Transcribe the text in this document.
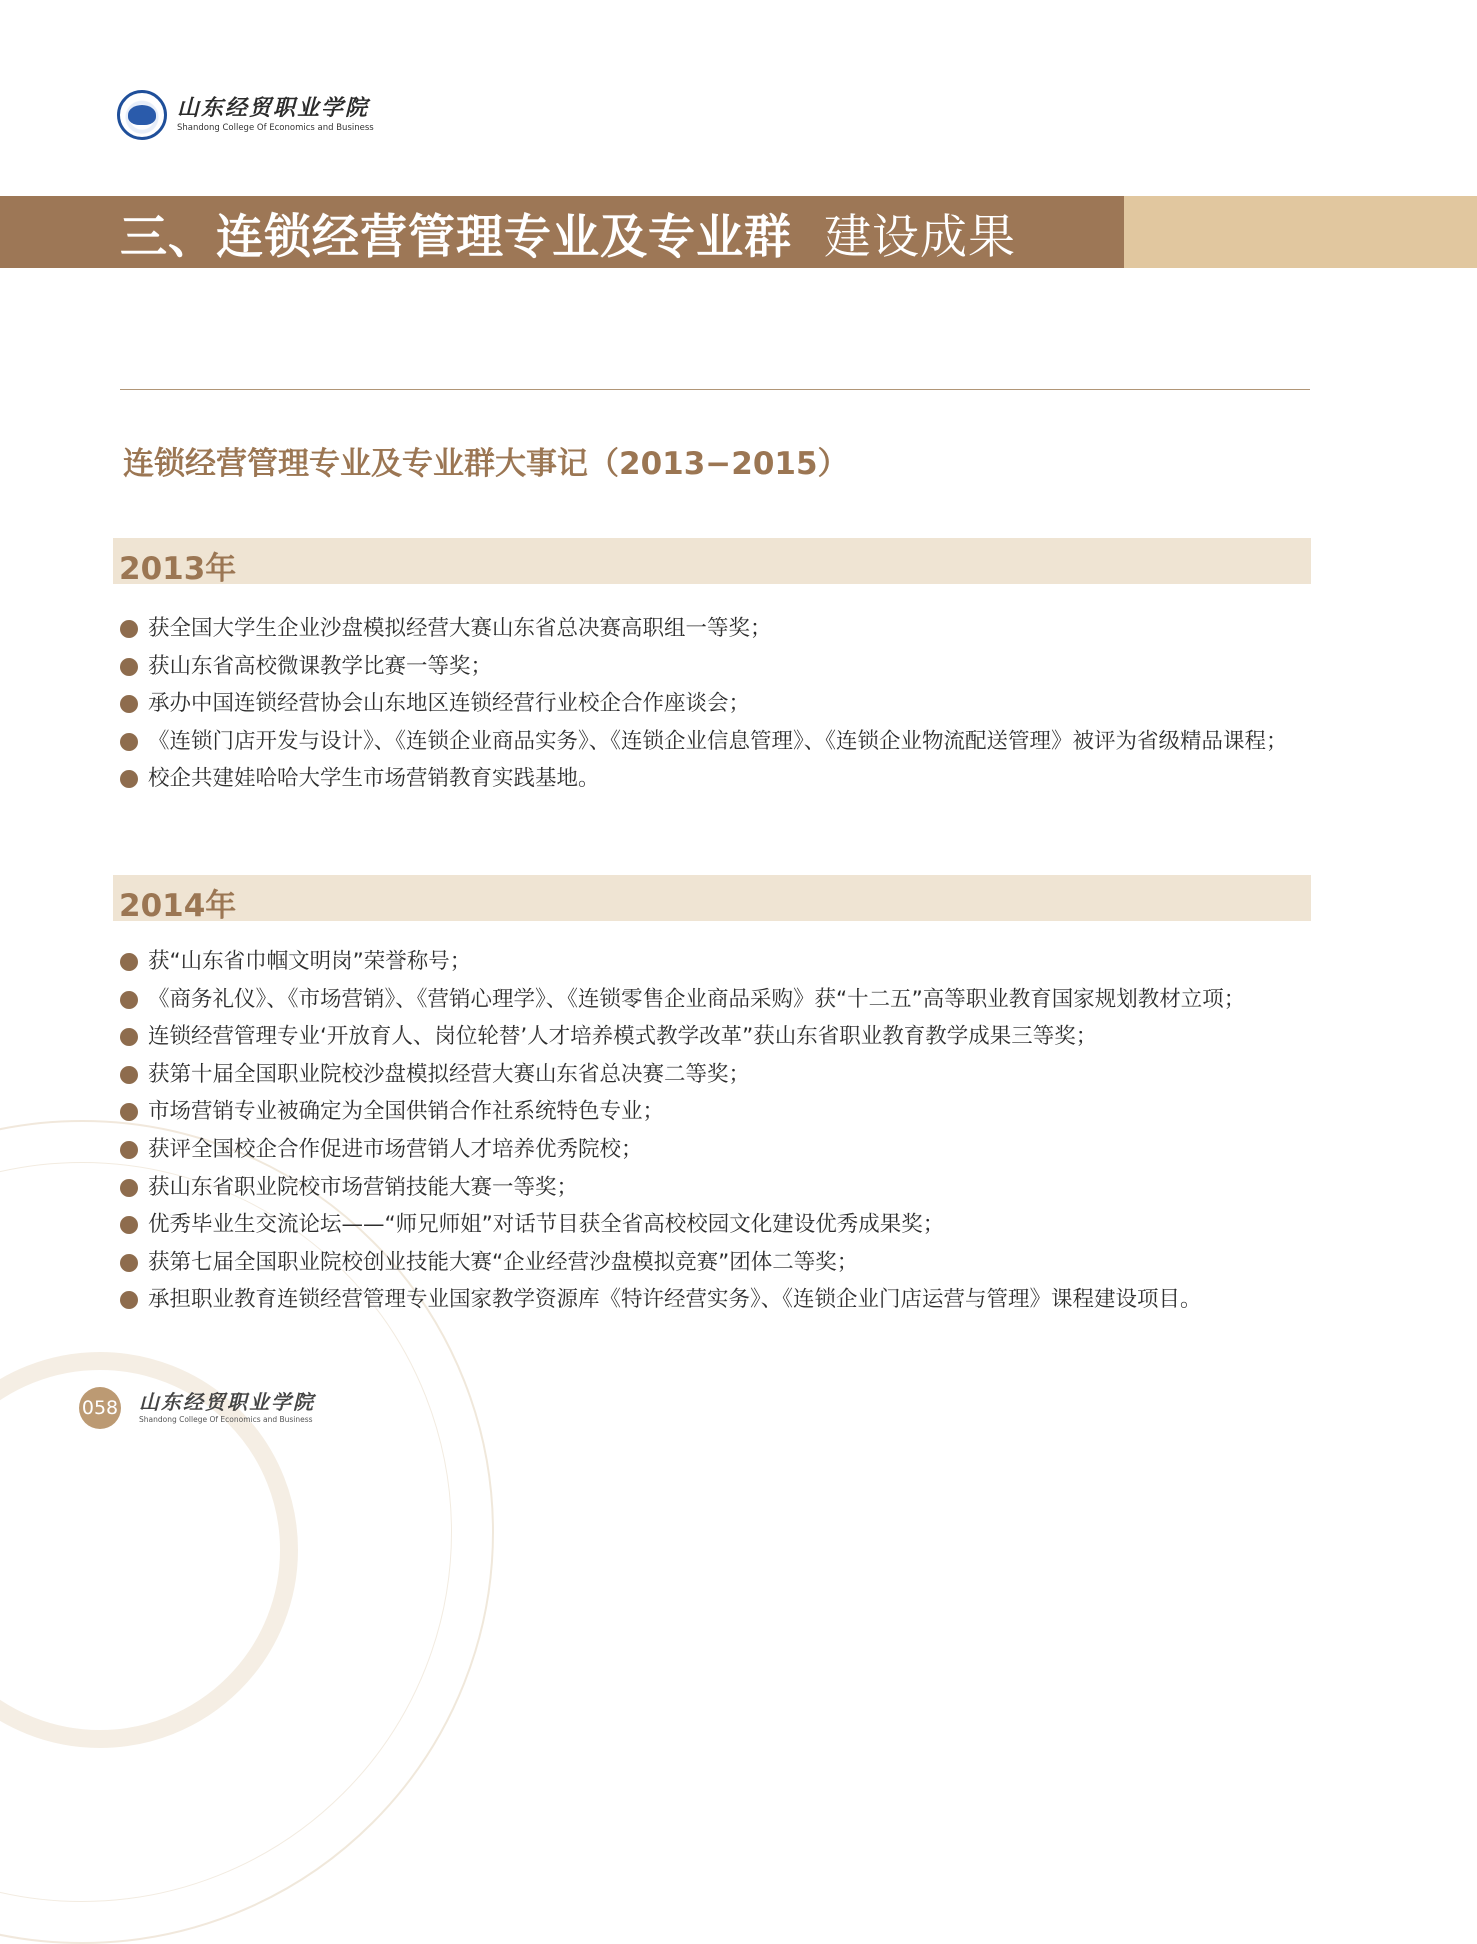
山东经贸职业学院
Shandong College Of Economics and Business
三、连锁经营管理专业及专业群 建设成果
连锁经营管理专业及专业群大事记（2013−2015）
2013年
获全国大学生企业沙盘模拟经营大赛山东省总决赛高职组一等奖；
获山东省高校微课教学比赛一等奖；
承办中国连锁经营协会山东地区连锁经营行业校企合作座谈会；
《连锁门店开发与设计》、《连锁企业商品实务》、《连锁企业信息管理》、《连锁企业物流配送管理》被评为省级精品课程；
校企共建娃哈哈大学生市场营销教育实践基地。
2014年
获“山东省巾帼文明岗”荣誉称号；
《商务礼仪》、《市场营销》、《营销心理学》、《连锁零售企业商品采购》获“十二五”高等职业教育国家规划教材立项；
连锁经营管理专业‘开放育人、岗位轮替’人才培养模式教学改革”获山东省职业教育教学成果三等奖；
获第十届全国职业院校沙盘模拟经营大赛山东省总决赛二等奖；
市场营销专业被确定为全国供销合作社系统特色专业；
获评全国校企合作促进市场营销人才培养优秀院校；
获山东省职业院校市场营销技能大赛一等奖；
优秀毕业生交流论坛——“师兄师姐”对话节目获全省高校校园文化建设优秀成果奖；
获第七届全国职业院校创业技能大赛“企业经营沙盘模拟竞赛”团体二等奖；
承担职业教育连锁经营管理专业国家教学资源库《特许经营实务》、《连锁企业门店运营与管理》课程建设项目。
058 山东经贸职业学院
Shandong College Of Economics and Business
